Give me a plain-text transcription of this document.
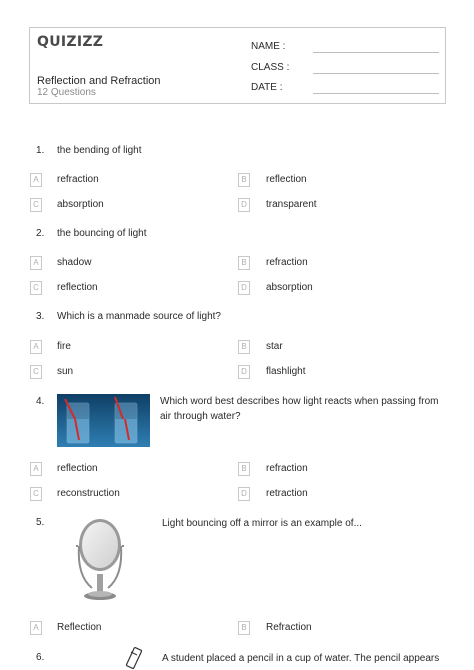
QUIZIZZ
Reflection and Refraction
12 Questions
NAME :
CLASS :
DATE :
1. the bending of light
A	refraction	B	reflection
C	absorption	D	transparent
2. the bouncing of light
A	shadow	B	refraction
C	reflection	D	absorption
3. Which is a manmade source of light?
A	fire	B	star
C	sun	D	flashlight
4.	Which word best describes how light reacts when passing from
air through water?
A	reflection	B	refraction
C	reconstruction	D	retraction
5.	Light bouncing off a mirror is an example of...
A	Reflection	B	Refraction
6.	A student placed a pencil in a cup of water. The pencil appears
